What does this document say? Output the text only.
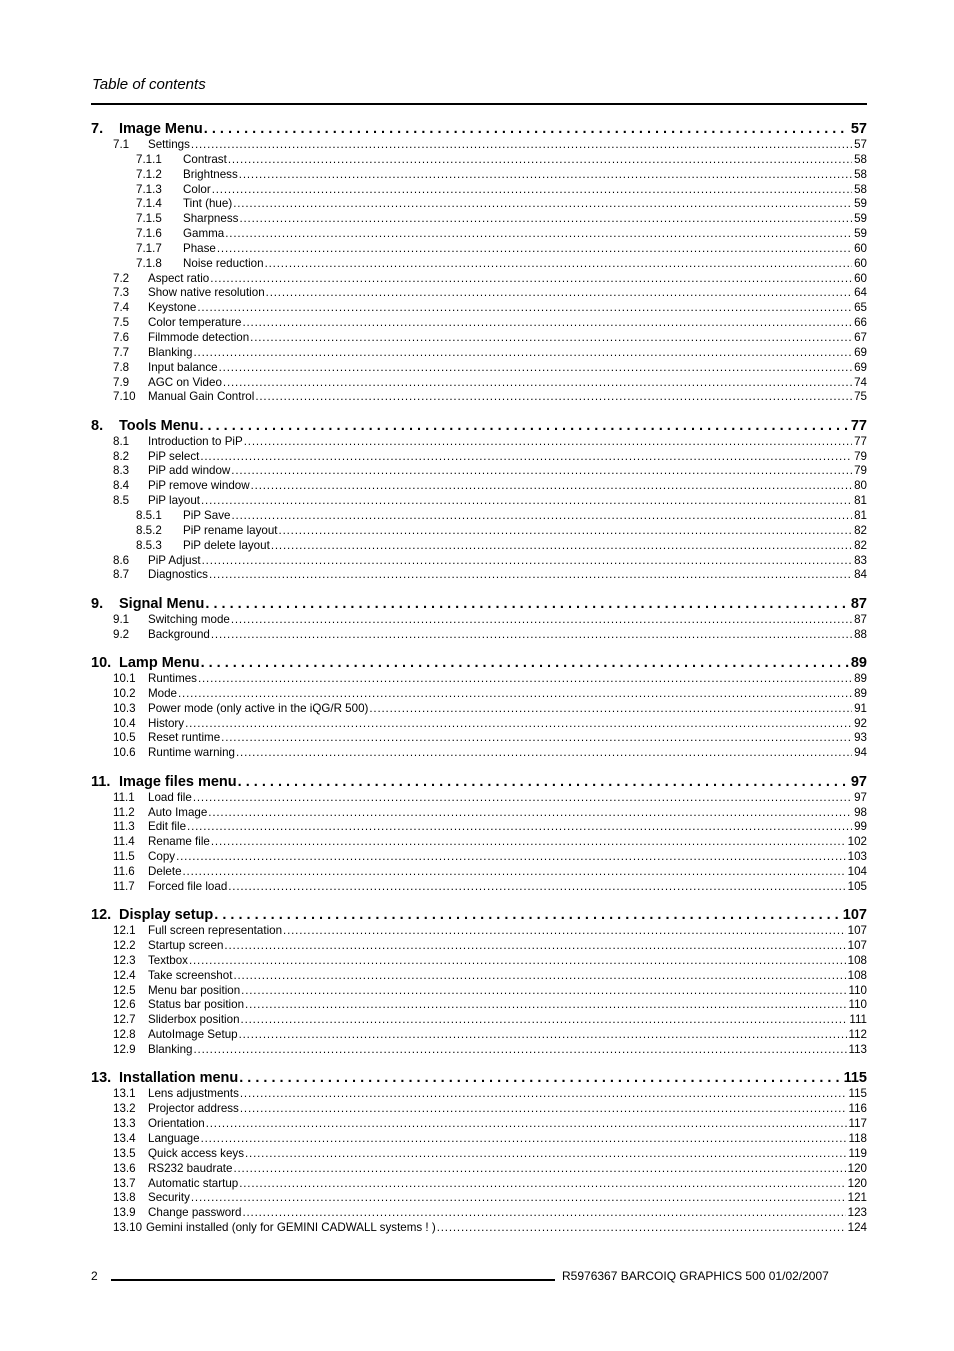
Table of contents
7.	Image Menu . . .	57
7.1	Settings . . .	57
7.1.1	Contrast . . .	58
7.1.2	Brightness . . .	58
7.1.3	Color . . .	58
7.1.4	Tint (hue) . . .	59
7.1.5	Sharpness . . .	59
7.1.6	Gamma . . .	59
7.1.7	Phase . . .	60
7.1.8	Noise reduction . . .	60
7.2	Aspect ratio . . .	60
7.3	Show native resolution . . .	64
7.4	Keystone . . .	65
7.5	Color temperature . . .	66
7.6	Filmmode detection . . .	67
7.7	Blanking . . .	69
7.8	Input balance . . .	69
7.9	AGC on Video . . .	74
7.10	Manual Gain Control . . .	75
8.	Tools Menu . . .	77
8.1	Introduction to PiP . . .	77
8.2	PiP select . . .	79
8.3	PiP add window . . .	79
8.4	PiP remove window . . .	80
8.5	PiP layout . . .	81
8.5.1	PiP Save . . .	81
8.5.2	PiP rename layout . . .	82
8.5.3	PiP delete layout . . .	82
8.6	PiP Adjust . . .	83
8.7	Diagnostics . . .	84
9.	Signal Menu . . .	87
9.1	Switching mode . . .	87
9.2	Background . . .	88
10. Lamp Menu . . .	89
10.1	Runtimes . . .	89
10.2	Mode . . .	89
10.3	Power mode (only active in the iQG/R 500) . . .	91
10.4	History . . .	92
10.5	Reset runtime . . .	93
10.6	Runtime warning . . .	94
11. Image files menu . . .	97
11.1	Load file . . .	97
11.2	Auto Image . . .	98
11.3	Edit file . . .	99
11.4	Rename file . . .	102
11.5	Copy . . .	103
11.6	Delete . . .	104
11.7	Forced file load . . .	105
12. Display setup . . .	107
12.1	Full screen representation . . .	107
12.2	Startup screen . . .	107
12.3	Textbox . . .	108
12.4	Take screenshot . . .	108
12.5	Menu bar position . . .	110
12.6	Status bar position . . .	110
12.7	Sliderbox position . . .	111
12.8	AutoImage Setup . . .	112
12.9	Blanking . . .	113
13. Installation menu . . .	115
13.1	Lens adjustments . . .	115
13.2	Projector address . . .	116
13.3	Orientation . . .	117
13.4	Language . . .	118
13.5	Quick access keys . . .	119
13.6	RS232 baudrate . . .	120
13.7	Automatic startup . . .	120
13.8	Security . . .	121
13.9	Change password . . .	123
13.10 Gemini installed (only for GEMINI CADWALL systems ! ) . . .	124
2	R5976367 BARCOIQ GRAPHICS 500 01/02/2007
